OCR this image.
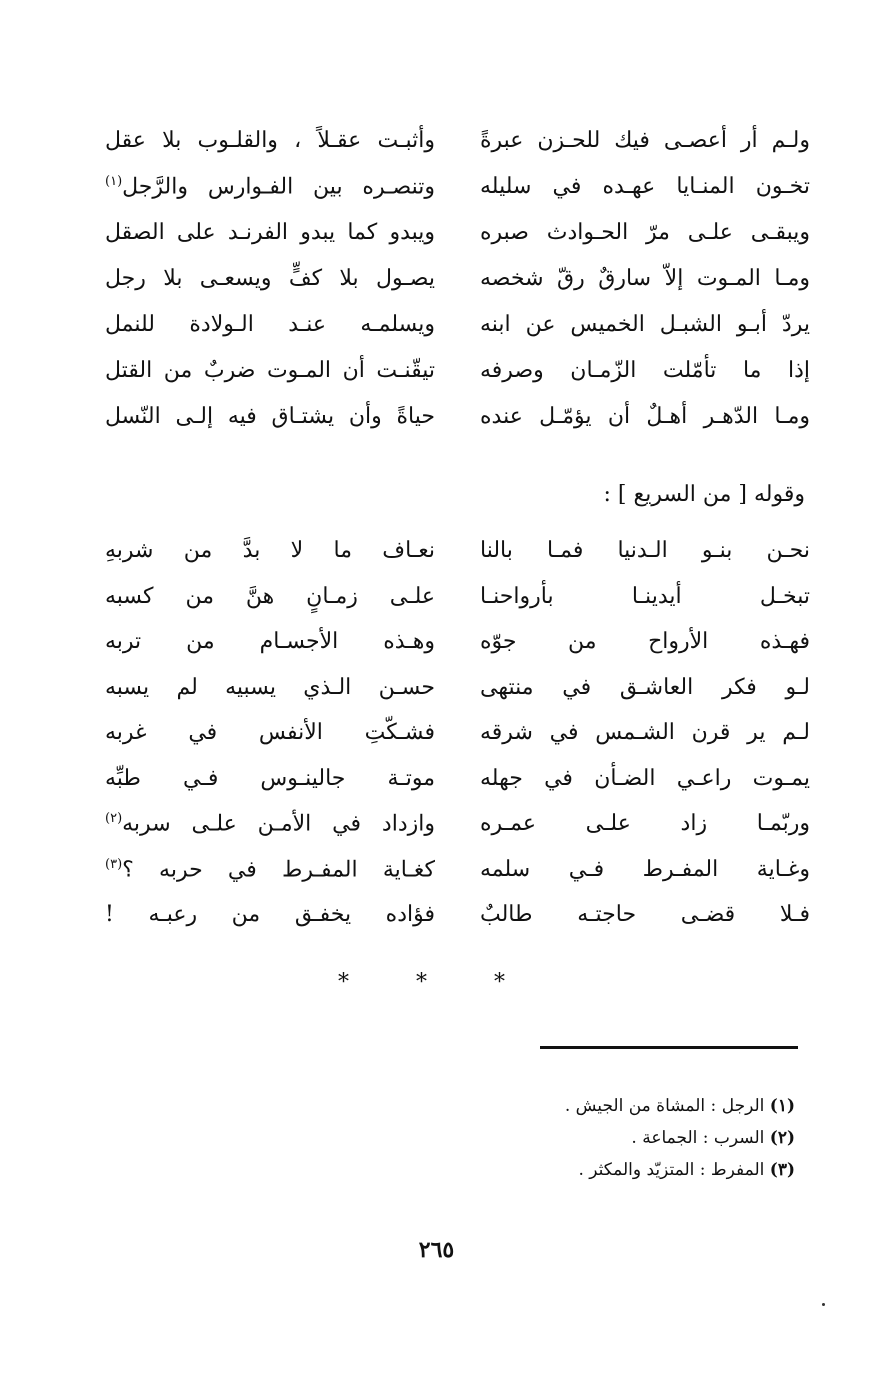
ولـم أر أعصـى فيك للحـزن عبرةً
وأثبـت عقـلاً ، والقلـوب بلا عقل
تخـون المنـايا عهـده في سليله
وتنصـره بين الفـوارس والرَّجل$^{(١)}$
ويبقـى علـى مرّ الحـوادث صبره
ويبدو كما يبدو الفرنـد على الصقل
ومـا المـوت إلاّ سارقٌ رقّ شخصه
يصـول بلا كفٍّ ويسعـى بلا رجل
يردّ أبـو الشبـل الخميس عن ابنه
ويسلمـه عنـد الـولادة للنمل
إذا ما تأمّلت الزّمـان وصرفه
تيقّنـت أن المـوت ضربٌ من القتل
ومـا الدّهـر أهـلٌ أن يؤمّـل عنده
حياةً وأن يشتـاق فيه إلـى النّسل
وقوله [ من السريع ] :
نحـن بنـو الـدنيا فمـا بالنا
نعـاف ما لا بدَّ من شربهِ
تبخـل أيدينـا بأرواحنـا
علـى زمـانٍ هنَّ من كسبه
فهـذه الأرواح من جوّه
وهـذه الأجسـام من تربه
لـو فكر العاشـق في منتهى
حسـن الـذي يسبيه لم يسبه
لـم ير قرن الشـمس في شرقه
فشـكّتِ الأنفس في غربه
يمـوت راعـي الضـأن في جهله
موتـة جالينـوس فـي طبِّه
وربّمـا زاد علـى عمـره
وازداد في الأمـن علـى سربه$^{(٢)}$
وغـاية المفـرط فـي سلمه
كغـاية المفـرط في حربه ؟$^{(٣)}$
فـلا قضـى حاجتـه طالبٌ
فؤاده يخفـق من رعبـه !
* * *
(١) الرجل : المشاة من الجيش .
(٢) السرب : الجماعة .
(٣) المفرط : المتزيّد والمكثر .
٢٦٥
